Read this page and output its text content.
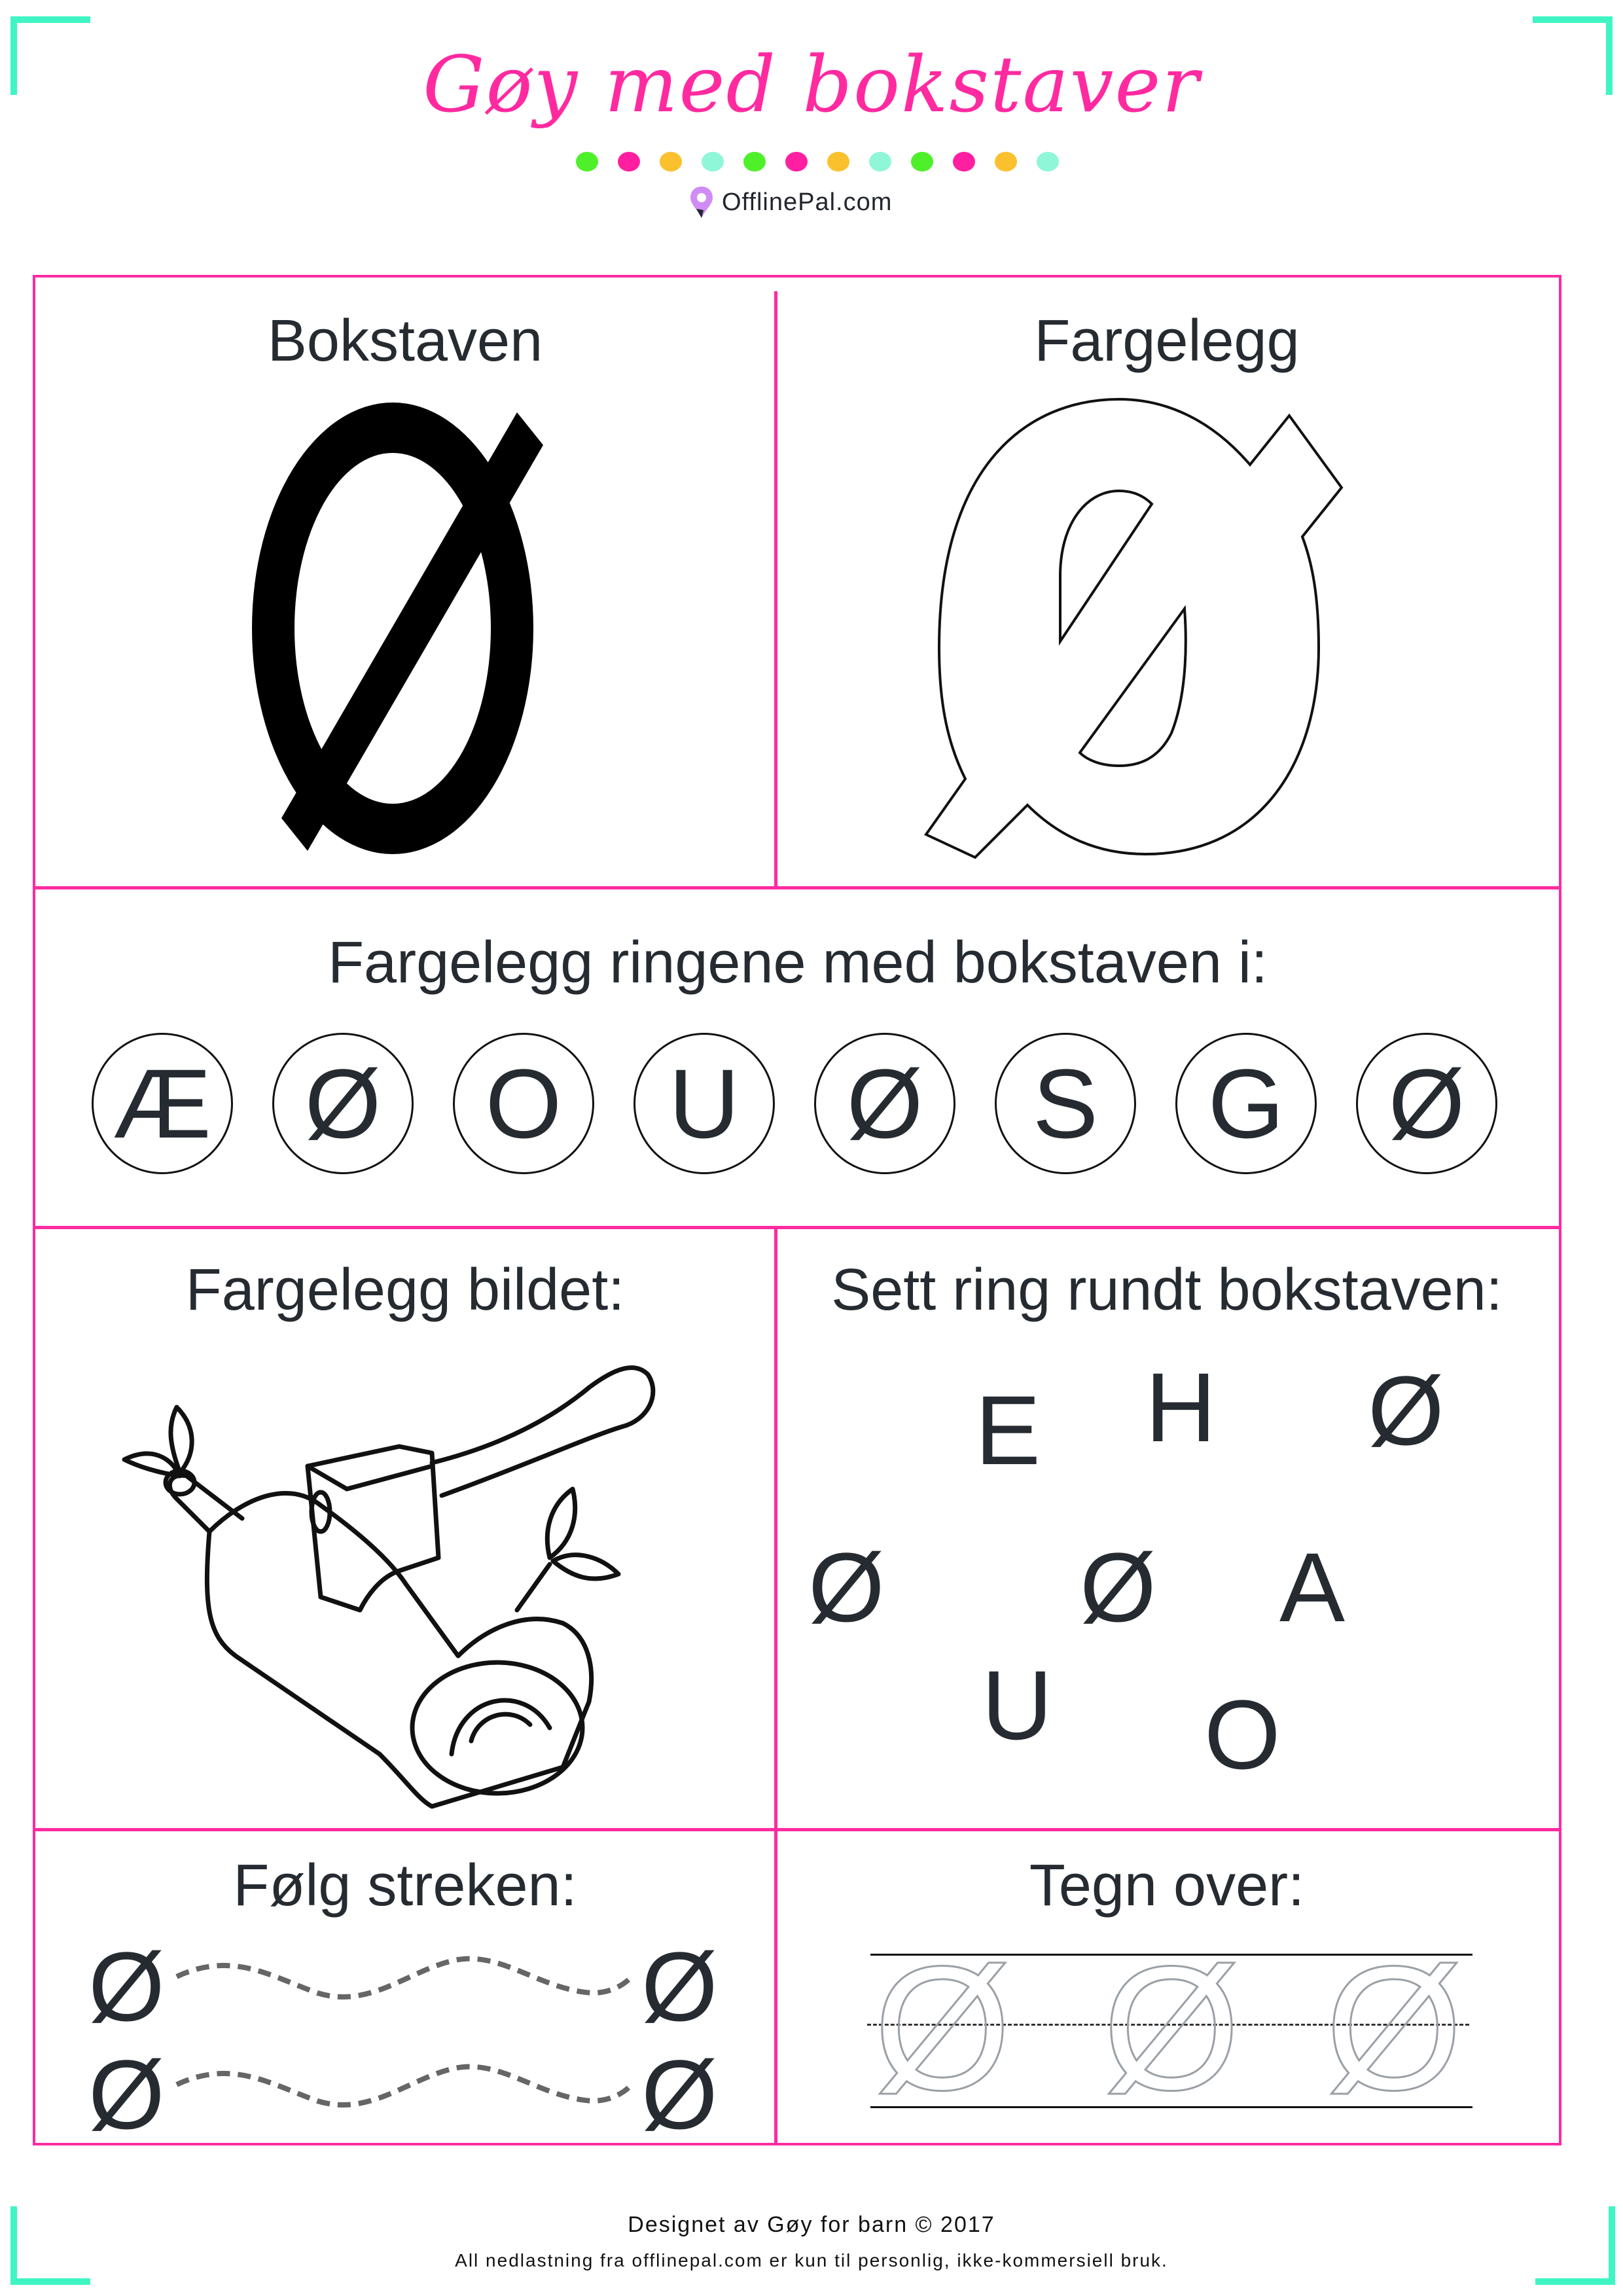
Gøy med bokstaver
OfflinePal.com
Bokstaven	Fargelegg
Fargelegg ringene med bokstaven i:
Æ Ø O U Ø S G Ø
Fargelegg bildet:	Sett ring rundt bokstaven:
E H Ø
Ø Ø A
U O
Følg streken:
Ø	Ø
Ø	Ø
Tegn over:
Ø Ø Ø
Designet av Gøy for barn © 2017
All nedlastning fra offlinepal.com er kun til personlig, ikke-kommersiell bruk.
